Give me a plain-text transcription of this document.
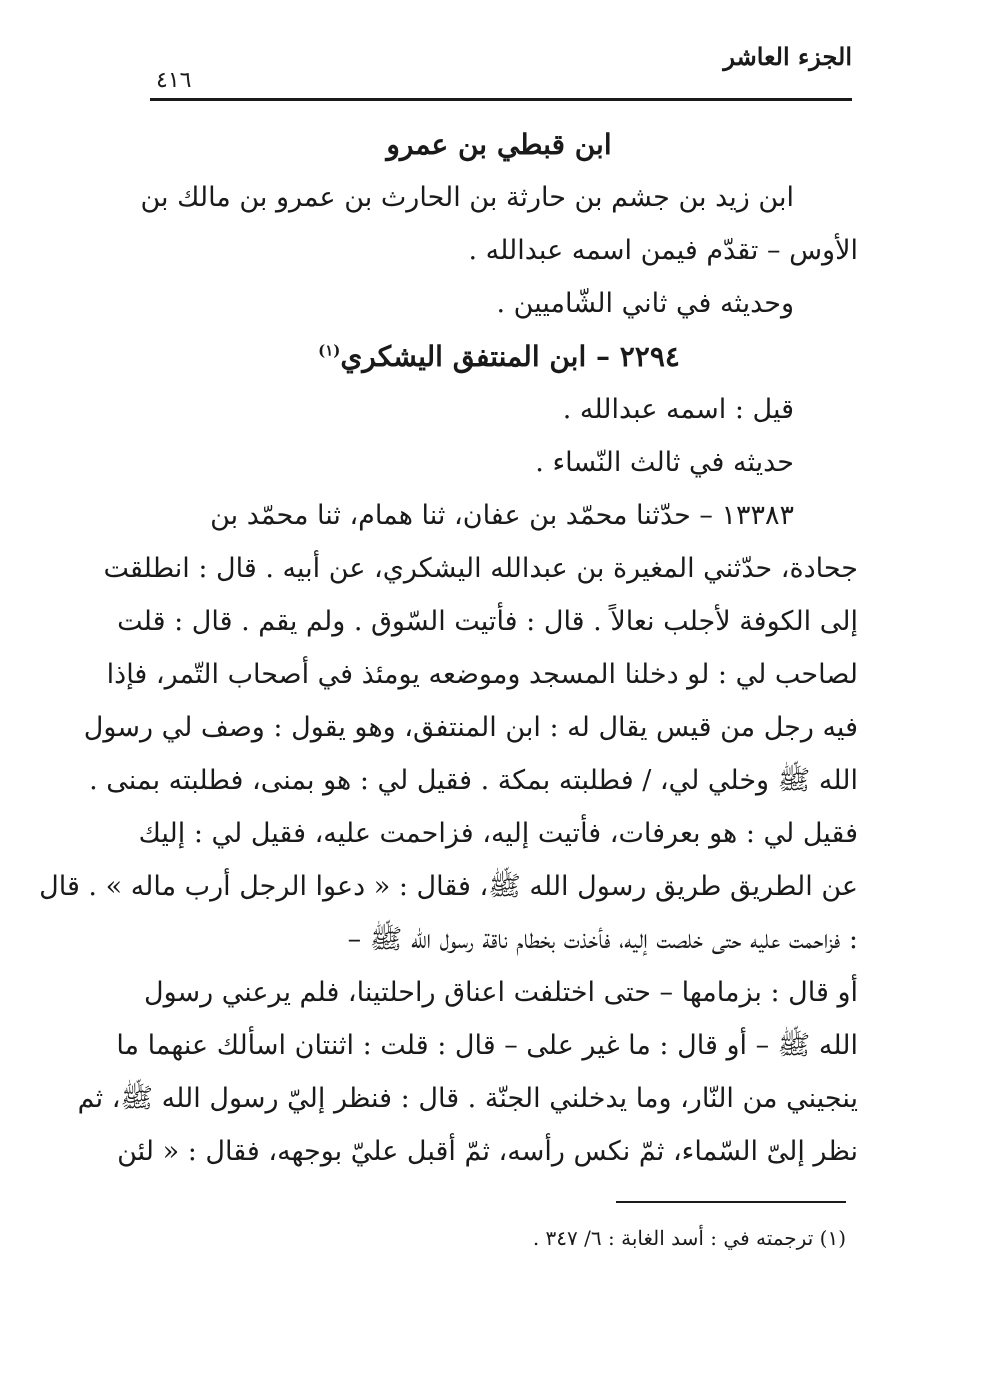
الجزء العاشر
٤١٦
ابن قبطي بن عمرو
ابن زيد بن جشم بن حارثة بن الحارث بن عمرو بن مالك بن
الأوس – تقدّم فيمن اسمه عبدالله .
وحديثه في ثاني الشّاميين .
٢٢٩٤ – ابن المنتفق اليشكري$^{(١)}$
قيل : اسمه عبدالله .
حديثه في ثالث النّساء .
١٣٣٨٣ – حدّثنا محمّد بن عفان، ثنا همام، ثنا محمّد بن
جحادة، حدّثني المغيرة بن عبدالله اليشكري، عن أبيه . قال : انطلقت
إلى الكوفة لأجلب نعالاً . قال : فأتيت السّوق . ولم يقم . قال : قلت
لصاحب لي : لو دخلنا المسجد وموضعه يومئذ في أصحاب التّمر، فإذا
فيه رجل من قيس يقال له : ابن المنتفق، وهو يقول : وصف لي رسول
الله ﷺ وخلي لي، / فطلبته بمكة . فقيل لي : هو بمنى، فطلبته بمنى .
فقيل لي : هو بعرفات، فأتيت إليه، فزاحمت عليه، فقيل لي : إليك
عن الطريق طريق رسول الله ﷺ، فقال : « دعوا الرجل أرب ماله » . قال
: فزاحمت عليه حتى خلصت إليه، فأخذت بخطام ناقة رسول الله ﷺ –
أو قال : بزمامها – حتى اختلفت اعناق راحلتينا، فلم يرعني رسول
الله ﷺ – أو قال : ما غير على – قال : قلت : اثنتان اسألك عنهما ما
ينجيني من النّار، وما يدخلني الجنّة . قال : فنظر إليّ رسول الله ﷺ، ثم
نظر إلىّ السّماء، ثمّ نكس رأسه، ثمّ أقبل عليّ بوجهه، فقال : « لئن
(١) ترجمته في : أسد الغابة : ٦/ ٣٤٧ .
